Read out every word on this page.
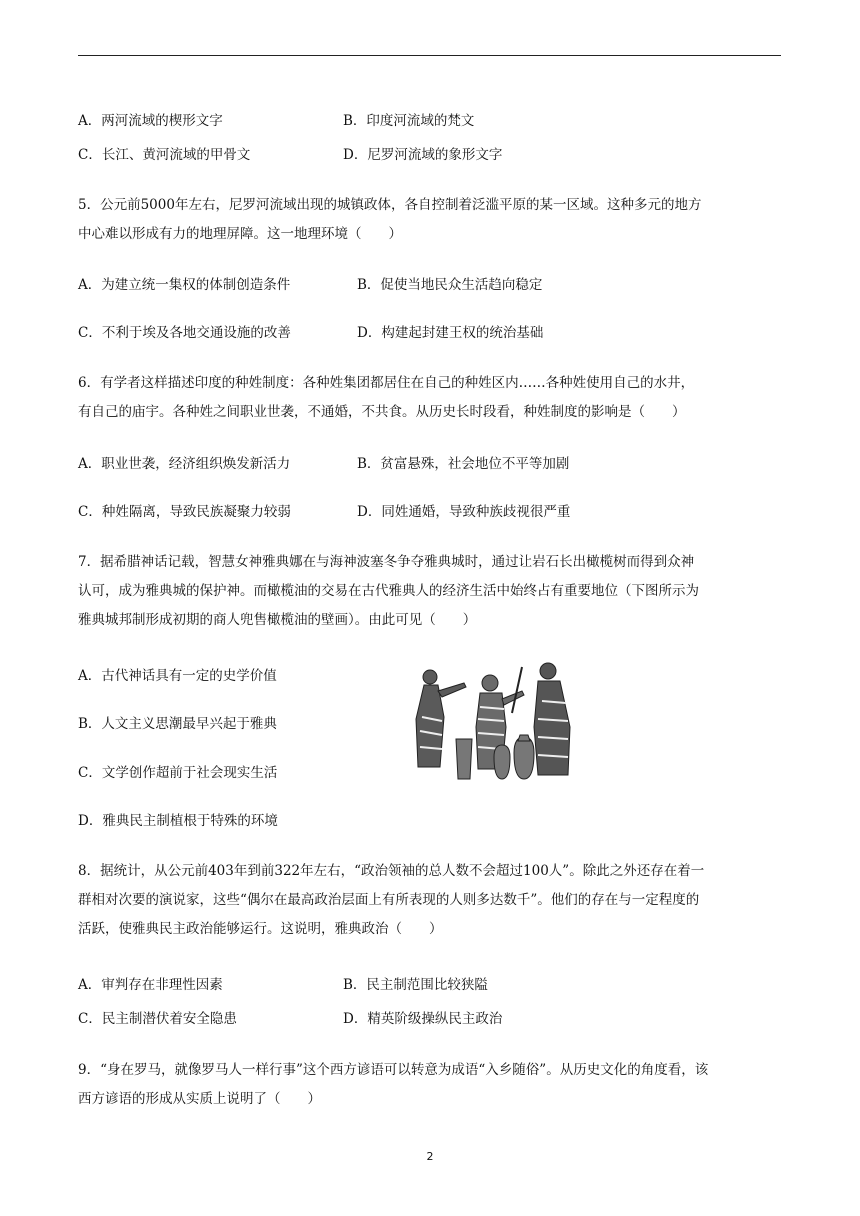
A．两河流域的楔形文字	B．印度河流域的梵文
C．长江、黄河流域的甲骨文	D．尼罗河流域的象形文字
5．公元前5000年左右，尼罗河流域出现的城镇政体，各自控制着泛滥平原的某一区域。这种多元的地方
中心难以形成有力的地理屏障。这一地理环境（　　）
A．为建立统一集权的体制创造条件	B．促使当地民众生活趋向稳定
C．不利于埃及各地交通设施的改善	D．构建起封建王权的统治基础
6．有学者这样描述印度的种姓制度：各种姓集团都居住在自己的种姓区内……各种姓使用自己的水井，
有自己的庙宇。各种姓之间职业世袭，不通婚，不共食。从历史长时段看，种姓制度的影响是（　　）
A．职业世袭，经济组织焕发新活力	B．贫富悬殊，社会地位不平等加剧
C．种姓隔离，导致民族凝聚力较弱	D．同姓通婚，导致种族歧视很严重
7．据希腊神话记载，智慧女神雅典娜在与海神波塞冬争夺雅典城时，通过让岩石长出橄榄树而得到众神
认可，成为雅典城的保护神。而橄榄油的交易在古代雅典人的经济生活中始终占有重要地位（下图所示为
雅典城邦制形成初期的商人兜售橄榄油的壁画）。由此可见（　　）
A．古代神话具有一定的史学价值
B．人文主义思潮最早兴起于雅典
C．文学创作超前于社会现实生活
D．雅典民主制植根于特殊的环境
8．据统计，从公元前403年到前322年左右，“政治领袖的总人数不会超过100人”。除此之外还存在着一
群相对次要的演说家，这些“偶尔在最高政治层面上有所表现的人则多达数千”。他们的存在与一定程度的
活跃，使雅典民主政治能够运行。这说明，雅典政治（　　）
A．审判存在非理性因素	B．民主制范围比较狭隘
C．民主制潜伏着安全隐患	D．精英阶级操纵民主政治
9．“身在罗马，就像罗马人一样行事”这个西方谚语可以转意为成语“入乡随俗”。从历史文化的角度看，该
西方谚语的形成从实质上说明了（　　）
2
